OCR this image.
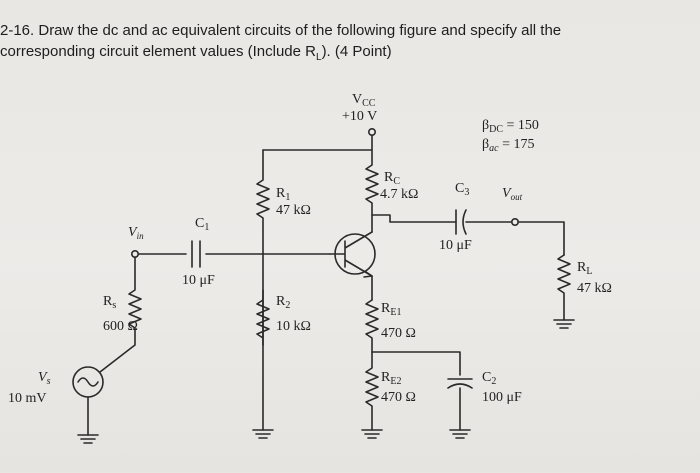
2-16. Draw the dc and ac equivalent circuits of the following figure and specify all the
corresponding circuit element values (Include $R_L$). (4 Point)
$V_{CC}$
+10 V
$\beta_{DC} = 150$
$\beta_{ac} = 175$
$R_C$
4.7 kΩ	$C_3$ $V_{out}$
10 μF
$R_1$
47 kΩ
$C_1$
10 μF
$V_{in}$
$R_L$
47 kΩ
$R_s$
600 Ω
$R_2$
10 kΩ
$R_{E1}$
470 Ω
$V_s$
10 mV
$R_{E2}$
470 Ω
$C_2$
100 μF
